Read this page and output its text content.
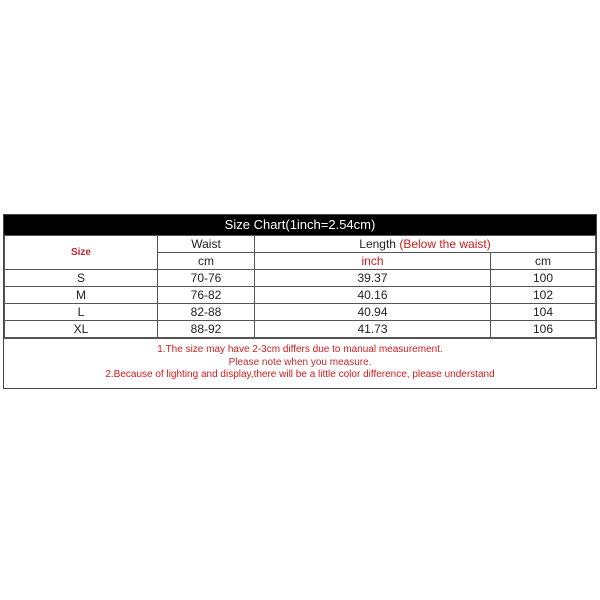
Size Chart(1inch=2.54cm)
Size	Waist	Length (Below the waist)	
	cm	inch	cm
S	70-76	39.37	100
M	76-82	40.16	102
L	82-88	40.94	104
XL	88-92	41.73	106
1.The size may have 2-3cm differs due to manual measurement.
Please note when you measure.
2.Because of lighting and display,there will be a little color difference, please understand
